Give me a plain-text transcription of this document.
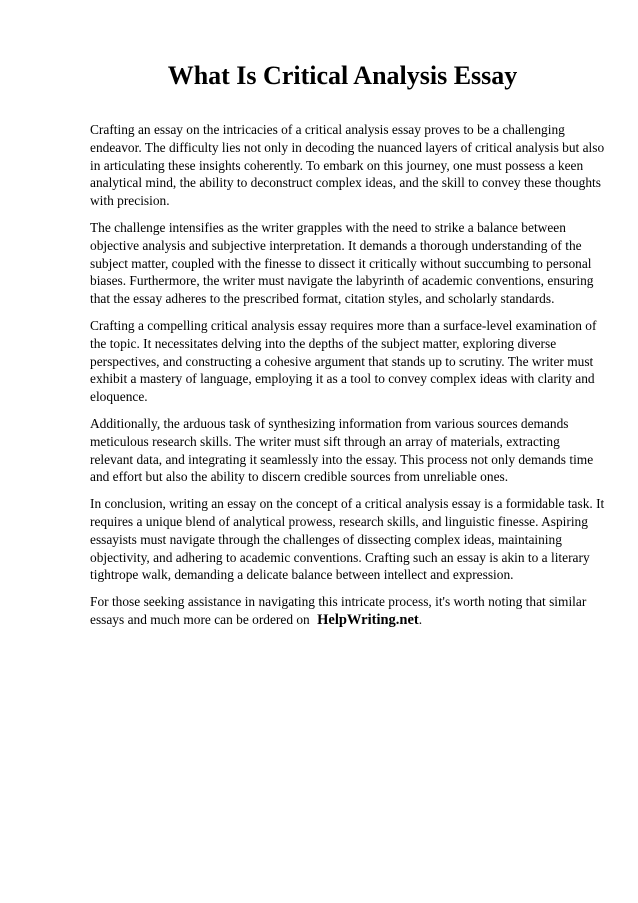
What Is Critical Analysis Essay

Crafting an essay on the intricacies of a critical analysis essay proves to be a challenging endeavor. The difficulty lies not only in decoding the nuanced layers of critical analysis but also in articulating these insights coherently. To embark on this journey, one must possess a keen analytical mind, the ability to deconstruct complex ideas, and the skill to convey these thoughts with precision.

The challenge intensifies as the writer grapples with the need to strike a balance between objective analysis and subjective interpretation. It demands a thorough understanding of the subject matter, coupled with the finesse to dissect it critically without succumbing to personal biases. Furthermore, the writer must navigate the labyrinth of academic conventions, ensuring that the essay adheres to the prescribed format, citation styles, and scholarly standards.

Crafting a compelling critical analysis essay requires more than a surface-level examination of the topic. It necessitates delving into the depths of the subject matter, exploring diverse perspectives, and constructing a cohesive argument that stands up to scrutiny. The writer must exhibit a mastery of language, employing it as a tool to convey complex ideas with clarity and eloquence.

Additionally, the arduous task of synthesizing information from various sources demands meticulous research skills. The writer must sift through an array of materials, extracting relevant data, and integrating it seamlessly into the essay. This process not only demands time and effort but also the ability to discern credible sources from unreliable ones.

In conclusion, writing an essay on the concept of a critical analysis essay is a formidable task. It requires a unique blend of analytical prowess, research skills, and linguistic finesse. Aspiring essayists must navigate through the challenges of dissecting complex ideas, maintaining objectivity, and adhering to academic conventions. Crafting such an essay is akin to a literary tightrope walk, demanding a delicate balance between intellect and expression.

For those seeking assistance in navigating this intricate process, it's worth noting that similar essays and much more can be ordered on HelpWriting.net.
